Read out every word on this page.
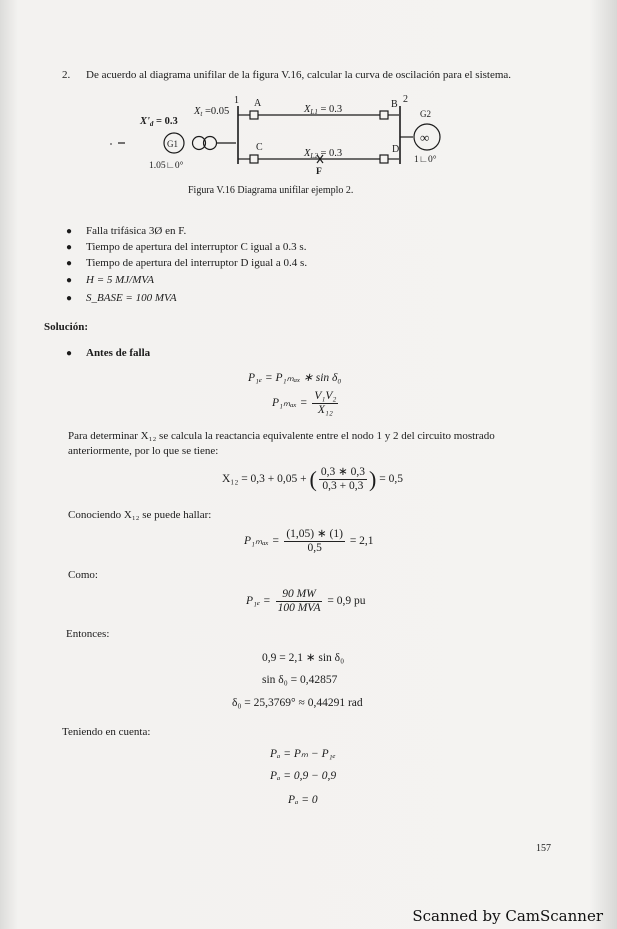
2. De acuerdo al diagrama unifilar de la figura V.16, calcular la curva de oscilación para el sistema.
1	2
Xt =0.05
X'd = 0.3
G1
1.05∟0°
A	B
C	D
XL1 = 0.3
XL2 = 0.3
F
G2
∞
1∟0°
Figura V.16 Diagrama unifilar ejemplo 2.
● Falla trifásica 3Ø en F.
● Tiempo de apertura del interruptor C igual a 0.3 s.
● Tiempo de apertura del interruptor D igual a 0.4 s.
● H = 5 MJ/MVA
● S_BASE = 100 MVA
Solución:
● Antes de falla
P₁ₑ = P₁ₘₐₓ ∗ sin δ₀
$P_{1max} = \frac{\text{V₁V₂}}{\text{X₁₂}}$
Para determinar X₁₂ se calcula la reactancia equivalente entre el nodo 1 y 2 del circuito mostrado
anteriormente, por lo que se tiene:
X₁₂ = 0,3 + 0,05 + ( $\frac{0,3 ∗ 0,3}{0,3 + 0,3}$ ) = 0,5
Conociendo X₁₂ se puede hallar:
$P_{1max} = \frac{(1,05) ∗ (1)}{0,5} = 2,1$
Como:
$P_{1e} = \frac{90 MW}{\text{100 MVA}} = 0,9$ pu
Entonces:
0,9 = 2,1 ∗ sin δ₀
sin δ₀ = 0,42857
δ₀ = 25,3769° ≈ 0,44291 rad
Teniendo en cuenta:
Pₐ = Pₘ − P₁ₑ
Pₐ = 0,9 − 0,9
Pₐ = 0
157
Scanned by CamScanner
